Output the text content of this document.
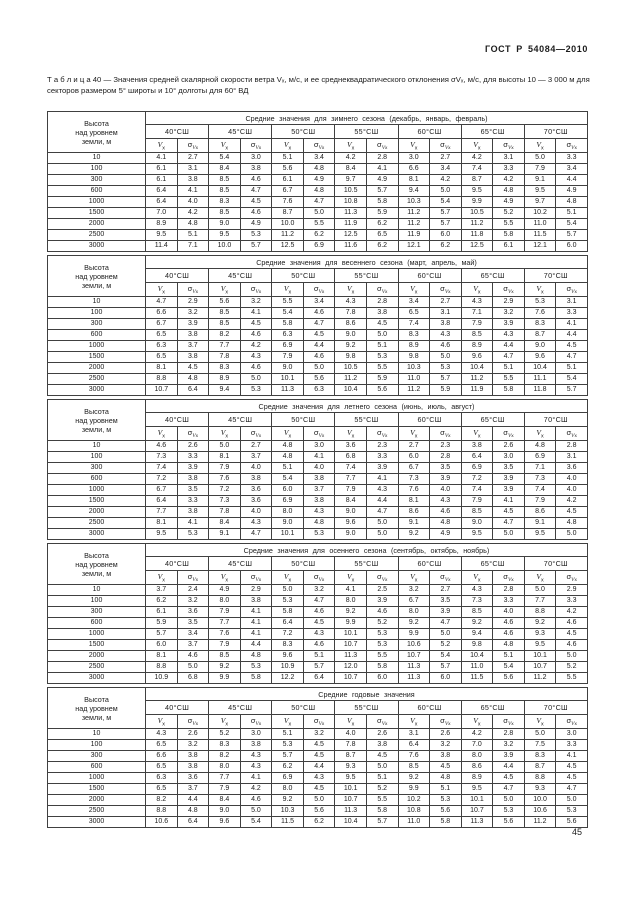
ГОСТ Р 54084—2010
Т а б л и ц а 40 — Значения средней скалярной скорости ветра Vₓ, м/с, и ее среднеквадратического отклонения σVₓ, м/с, для высоты 10 — 3 000 м для секторов размером 5° широты и 10° долготы для 60° ВД
Высота
над уровнем
земли, м	Средние значения для зимнего сезона (декабрь, январь, февраль)													
	40°СШ		45°СШ		50°СШ		55°СШ		60°СШ		65°СШ		70°СШ	
	$V_x$	$\sigma_{Vx}$	$V_x$	$\sigma_{Vx}$	$V_x$	$\sigma_{Vx}$	$V_x$	$\sigma_{Vx}$	$V_x$	$\sigma_{Vx}$	$V_x$	$\sigma_{Vx}$	$V_x$	$\sigma_{Vx}$
10	4.1	2.7	5.4	3.0	5.1	3.4	4.2	2.8	3.0	2.7	4.2	3.1	5.0	3.3
100	6.1	3.1	8.4	3.8	5.6	4.8	8.4	4.1	6.6	3.4	7.4	3.3	7.9	3.4
300	6.1	3.8	8.5	4.6	6.1	4.9	9.7	4.9	8.1	4.2	8.7	4.2	9.1	4.4
600	6.4	4.1	8.5	4.7	6.7	4.8	10.5	5.7	9.4	5.0	9.5	4.8	9.5	4.9
1000	6.4	4.0	8.3	4.5	7.6	4.7	10.8	5.8	10.3	5.4	9.9	4.9	9.7	4.8
1500	7.0	4.2	8.5	4.6	8.7	5.0	11.3	5.9	11.2	5.7	10.5	5.2	10.2	5.1
2000	8.9	4.8	9.0	4.9	10.0	5.5	11.9	6.2	11.2	5.7	11.2	5.5	11.0	5.4
2500	9.5	5.1	9.5	5.3	11.2	6.2	12.5	6.5	11.9	6.0	11.8	5.8	11.5	5.7
3000	11.4	7.1	10.0	5.7	12.5	6.9	11.6	6.2	12.1	6.2	12.5	6.1	12.1	6.0
Высота
над уровнем
земли, м	Средние значения для весеннего сезона (март, апрель, май)													
	40°СШ		45°СШ		50°СШ		55°СШ		60°СШ		65°СШ		70°СШ	
	$V_x$	$\sigma_{Vx}$	$V_x$	$\sigma_{Vx}$	$V_x$	$\sigma_{Vx}$	$V_x$	$\sigma_{Vx}$	$V_x$	$\sigma_{Vx}$	$V_x$	$\sigma_{Vx}$	$V_x$	$\sigma_{Vx}$
10	4.7	2.9	5.6	3.2	5.5	3.4	4.3	2.8	3.4	2.7	4.3	2.9	5.3	3.1
100	6.6	3.2	8.5	4.1	5.4	4.6	7.8	3.8	6.5	3.1	7.1	3.2	7.6	3.3
300	6.7	3.9	8.5	4.5	5.8	4.7	8.6	4.5	7.4	3.8	7.9	3.9	8.3	4.1
600	6.5	3.8	8.2	4.6	6.3	4.5	9.0	5.0	8.3	4.3	8.5	4.3	8.7	4.4
1000	6.3	3.7	7.7	4.2	6.9	4.4	9.2	5.1	8.9	4.6	8.9	4.4	9.0	4.5
1500	6.5	3.8	7.8	4.3	7.9	4.6	9.8	5.3	9.8	5.0	9.6	4.7	9.6	4.7
2000	8.1	4.5	8.3	4.6	9.0	5.0	10.5	5.5	10.3	5.3	10.4	5.1	10.4	5.1
2500	8.8	4.8	8.9	5.0	10.1	5.6	11.2	5.9	11.0	5.7	11.2	5.5	11.1	5.4
3000	10.7	6.4	9.4	5.3	11.3	6.3	10.4	5.6	11.2	5.9	11.9	5.8	11.8	5.7
Высота
над уровнем
земли, м	Средние значения для летнего сезона (июнь, июль, август)													
	40°СШ		45°СШ		50°СШ		55°СШ		60°СШ		65°СШ		70°СШ	
	$V_x$	$\sigma_{Vx}$	$V_x$	$\sigma_{Vx}$	$V_x$	$\sigma_{Vx}$	$V_x$	$\sigma_{Vx}$	$V_x$	$\sigma_{Vx}$	$V_x$	$\sigma_{Vx}$	$V_x$	$\sigma_{Vx}$
10	4.6	2.6	5.0	2.7	4.8	3.0	3.6	2.3	2.7	2.3	3.8	2.6	4.8	2.8
100	7.3	3.3	8.1	3.7	4.8	4.1	6.8	3.3	6.0	2.8	6.4	3.0	6.9	3.1
300	7.4	3.9	7.9	4.0	5.1	4.0	7.4	3.9	6.7	3.5	6.9	3.5	7.1	3.6
600	7.2	3.8	7.6	3.8	5.4	3.8	7.7	4.1	7.3	3.9	7.2	3.9	7.3	4.0
1000	6.7	3.5	7.2	3.6	6.0	3.7	7.9	4.3	7.6	4.0	7.4	3.9	7.4	4.0
1500	6.4	3.3	7.3	3.6	6.9	3.8	8.4	4.4	8.1	4.3	7.9	4.1	7.9	4.2
2000	7.7	3.8	7.8	4.0	8.0	4.3	9.0	4.7	8.6	4.6	8.5	4.5	8.6	4.5
2500	8.1	4.1	8.4	4.3	9.0	4.8	9.6	5.0	9.1	4.8	9.0	4.7	9.1	4.8
3000	9.5	5.3	9.1	4.7	10.1	5.3	9.0	5.0	9.2	4.9	9.5	5.0	9.5	5.0
Высота
над уровнем
земли, м	Средние значения для осеннего сезона (сентябрь, октябрь, ноябрь)													
	40°СШ		45°СШ		50°СШ		55°СШ		60°СШ		65°СШ		70°СШ	
	$V_x$	$\sigma_{Vx}$	$V_x$	$\sigma_{Vx}$	$V_x$	$\sigma_{Vx}$	$V_x$	$\sigma_{Vx}$	$V_x$	$\sigma_{Vx}$	$V_x$	$\sigma_{Vx}$	$V_x$	$\sigma_{Vx}$
10	3.7	2.4	4.9	2.9	5.0	3.2	4.1	2.5	3.2	2.7	4.3	2.8	5.0	2.9
100	6.2	3.2	8.0	3.8	5.3	4.7	8.0	3.9	6.7	3.5	7.3	3.3	7.7	3.3
300	6.1	3.6	7.9	4.1	5.8	4.6	9.2	4.6	8.0	3.9	8.5	4.0	8.8	4.2
600	5.9	3.5	7.7	4.1	6.4	4.5	9.9	5.2	9.2	4.7	9.2	4.6	9.2	4.6
1000	5.7	3.4	7.6	4.1	7.2	4.3	10.1	5.3	9.9	5.0	9.4	4.6	9.3	4.5
1500	6.0	3.7	7.9	4.4	8.3	4.6	10.7	5.3	10.6	5.2	9.8	4.8	9.5	4.6
2000	8.1	4.6	8.5	4.8	9.6	5.1	11.3	5.5	10.7	5.4	10.4	5.1	10.1	5.0
2500	8.8	5.0	9.2	5.3	10.9	5.7	12.0	5.8	11.3	5.7	11.0	5.4	10.7	5.2
3000	10.9	6.8	9.9	5.8	12.2	6.4	10.7	6.0	11.3	6.0	11.5	5.6	11.2	5.5
Высота
над уровнем
земли, м	Средние годовые значения													
	40°СШ		45°СШ		50°СШ		55°СШ		60°СШ		65°СШ		70°СШ	
	$V_x$	$\sigma_{Vx}$	$V_x$	$\sigma_{Vx}$	$V_x$	$\sigma_{Vx}$	$V_x$	$\sigma_{Vx}$	$V_x$	$\sigma_{Vx}$	$V_x$	$\sigma_{Vx}$	$V_x$	$\sigma_{Vx}$
10	4.3	2.6	5.2	3.0	5.1	3.2	4.0	2.6	3.1	2.6	4.2	2.8	5.0	3.0
100	6.5	3.2	8.3	3.8	5.3	4.5	7.8	3.8	6.4	3.2	7.0	3.2	7.5	3.3
300	6.6	3.8	8.2	4.3	5.7	4.5	8.7	4.5	7.6	3.8	8.0	3.9	8.3	4.1
600	6.5	3.8	8.0	4.3	6.2	4.4	9.3	5.0	8.5	4.5	8.6	4.4	8.7	4.5
1000	6.3	3.6	7.7	4.1	6.9	4.3	9.5	5.1	9.2	4.8	8.9	4.5	8.8	4.5
1500	6.5	3.7	7.9	4.2	8.0	4.5	10.1	5.2	9.9	5.1	9.5	4.7	9.3	4.7
2000	8.2	4.4	8.4	4.6	9.2	5.0	10.7	5.5	10.2	5.3	10.1	5.0	10.0	5.0
2500	8.8	4.8	9.0	5.0	10.3	5.6	11.3	5.8	10.8	5.6	10.7	5.3	10.6	5.3
3000	10.6	6.4	9.6	5.4	11.5	6.2	10.4	5.7	11.0	5.8	11.3	5.6	11.2	5.6
45
